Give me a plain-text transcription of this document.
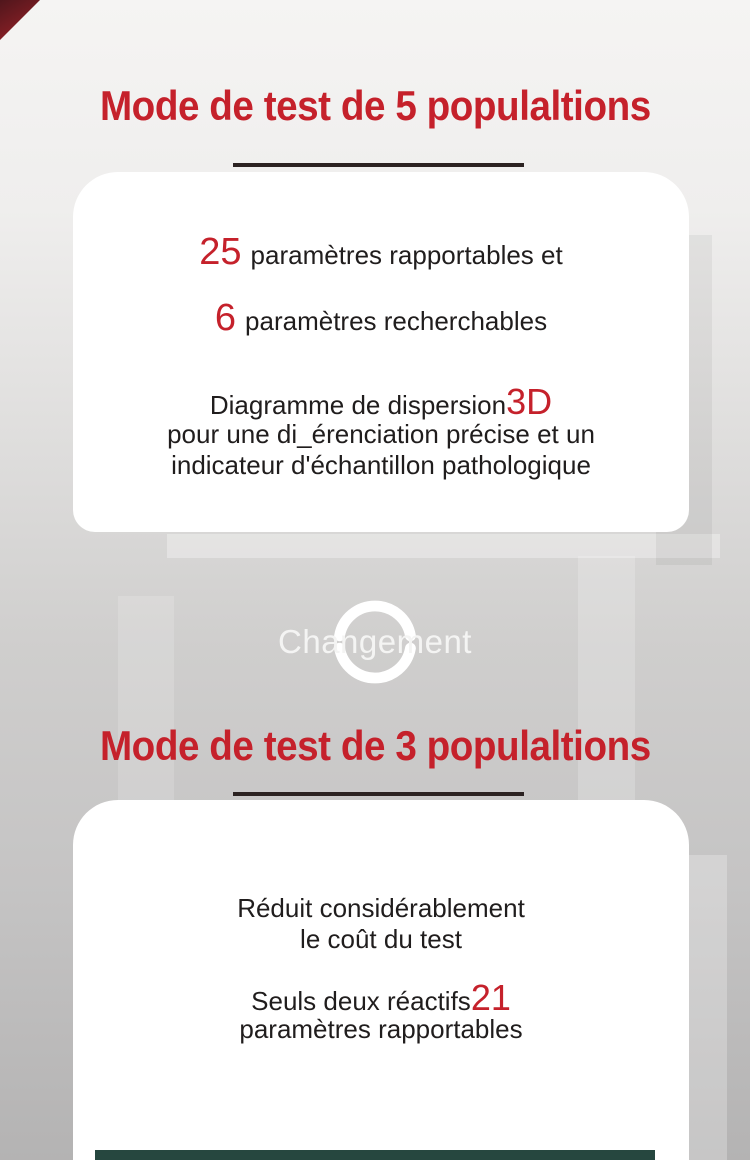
Mode de test de 5 populaltions

25 paramètres rapportables et

6 paramètres recherchables

Diagramme de dispersion3D

pour une di_érenciation précise et un
indicateur d'échantillon pathologique

Changement
Mode de test de 3 populaltions

Réduit considérablement
le coût du test

Seuls deux réactifs21

paramètres rapportables
